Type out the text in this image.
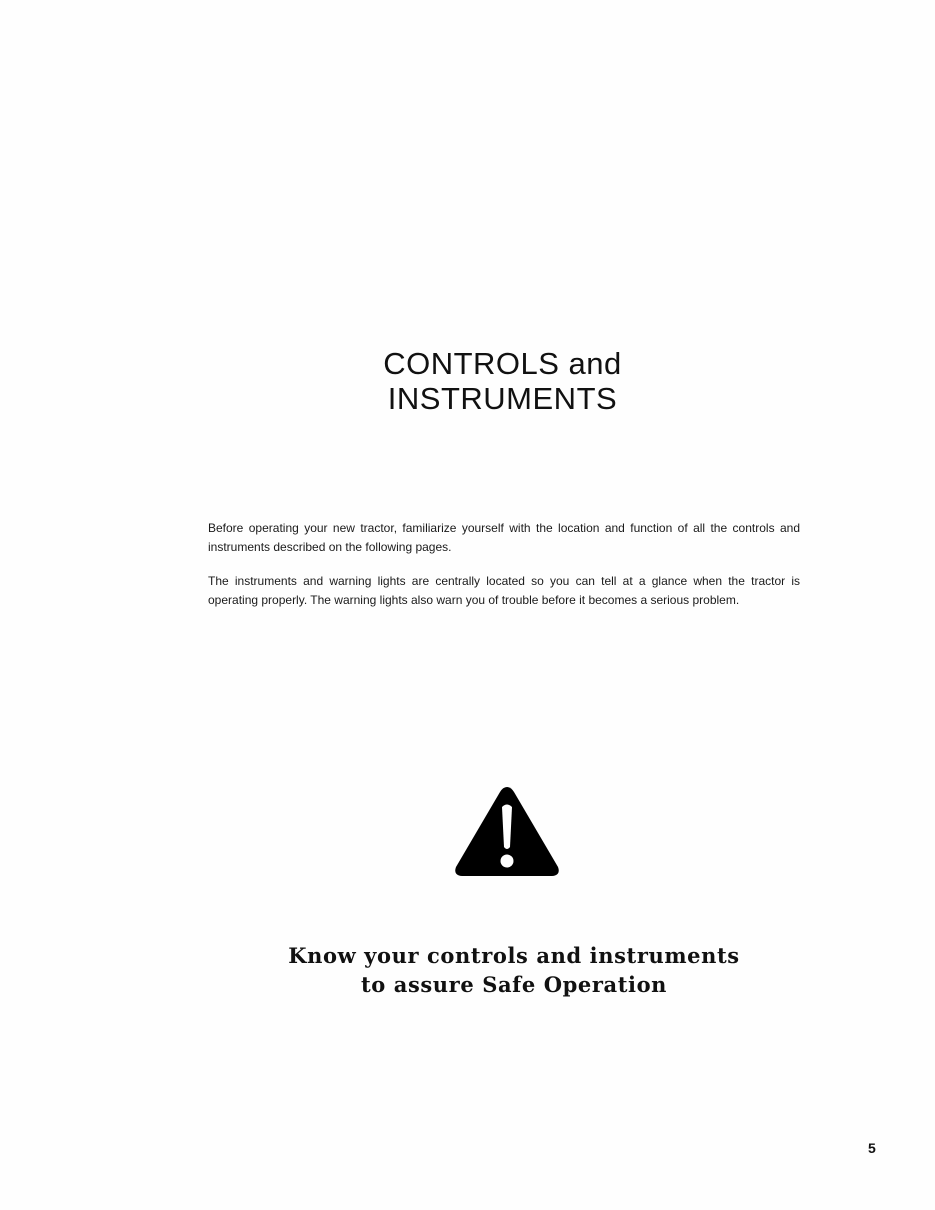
CONTROLS and
INSTRUMENTS

Before operating your new tractor, familiarize yourself with the location and function of all the controls and instruments described on the following pages.

The instruments and warning lights are centrally located so you can tell at a glance when the tractor is operating properly. The warning lights also warn you of trouble before it becomes a serious problem.

Know your controls and instruments

to assure Safe Operation

5
